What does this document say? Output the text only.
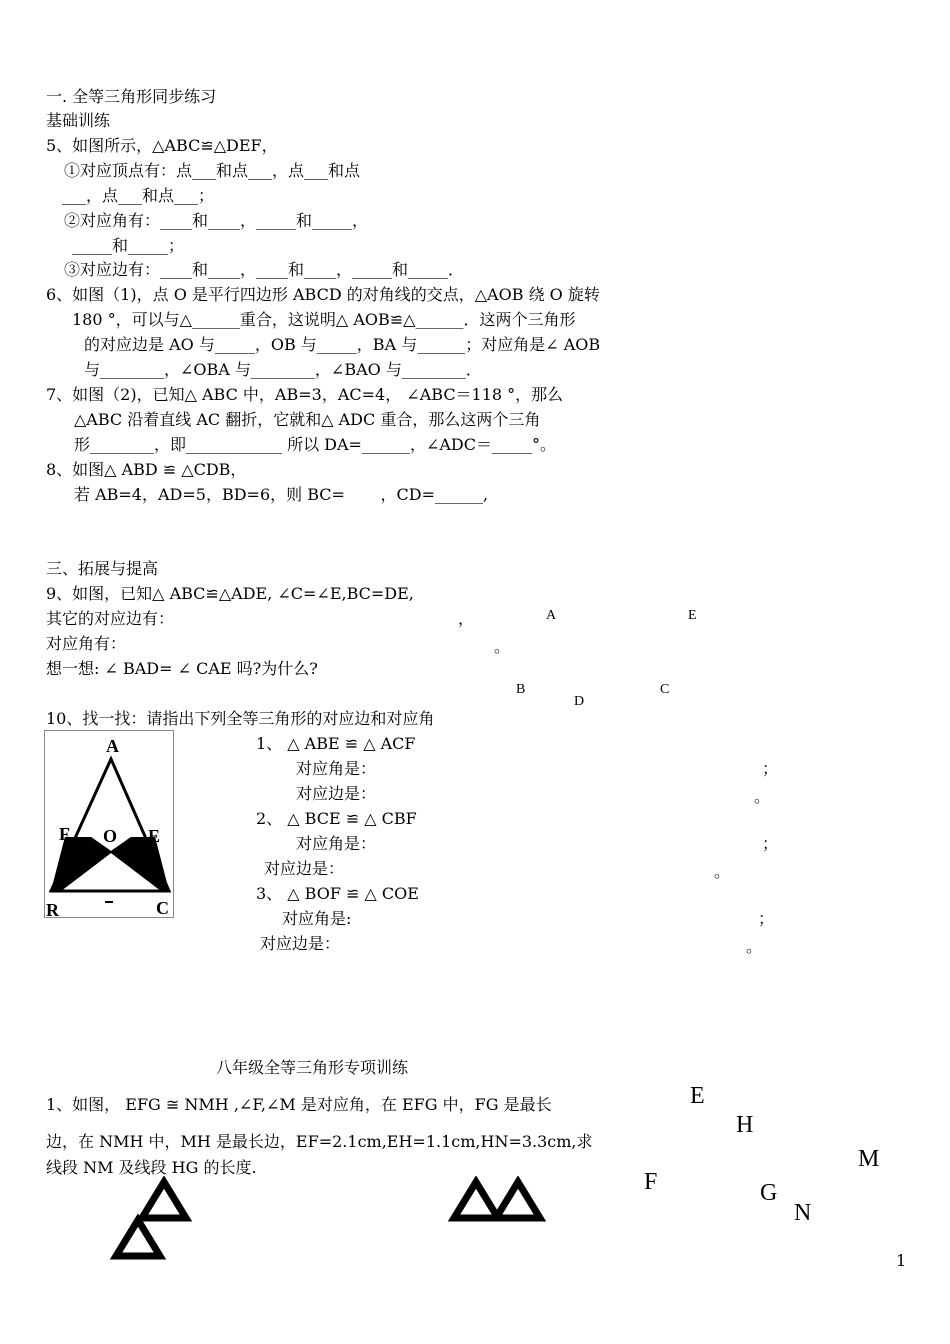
一. 全等三角形同步练习
基础训练
5、如图所示，△ABC≌△DEF，
①对应顶点有：点___和点___，点___和点
___，点___和点___；
②对应角有：____和____，_____和_____，
_____和_____；
③对应边有：____和____，____和____，_____和_____．
6、如图（1)，点 O 是平行四边形 ABCD 的对角线的交点，△AOB 绕 O 旋转
180 °，可以与△______重合，这说明△ AOB≌△______．这两个三角形
的对应边是 AO 与_____，OB 与_____，BA 与______；对应角是∠ AOB
与________，∠OBA 与________，∠BAO 与________．
7、如图（2)，已知△ ABC 中，AB=3，AC=4， ∠ABC＝118 °，那么
△ABC 沿着直线 AC 翻折，它就和△ ADC 重合，那么这两个三角
形________，即____________ 所以 DA=______，∠ADC＝_____°。
8、如图△ ABD ≌ △CDB，
若 AB=4，AD=5，BD=6，则 BC=       ，CD=______,
三、拓展与提高
9、如图，已知△ ABC≌△ADE, ∠C=∠E,BC=DE,
其它的对应边有：	，
对应角有：	。
想一想: ∠ BAD= ∠ CAE 吗?为什么?
A	E
B	C
D
10、找一找：请指出下列全等三角形的对应边和对应角
A
F O E
R	C
1、 △ ABE ≌ △ ACF
对应角是：	；
对应边是：	。
2、 △ BCE ≌ △ CBF
对应角是：	；
对应边是：	。
3、 △ BOF ≌ △ COE
对应角是:	；
对应边是：	。
八年级全等三角形专项训练
1、如图， EFG ≅ NMH ,∠F,∠M 是对应角，在 EFG 中，FG 是最长
边，在 NMH 中，MH 是最长边，EF=2.1cm,EH=1.1cm,HN=3.3cm,求
线段 NM 及线段 HG 的长度.
E
H
M
F	G
N
1
